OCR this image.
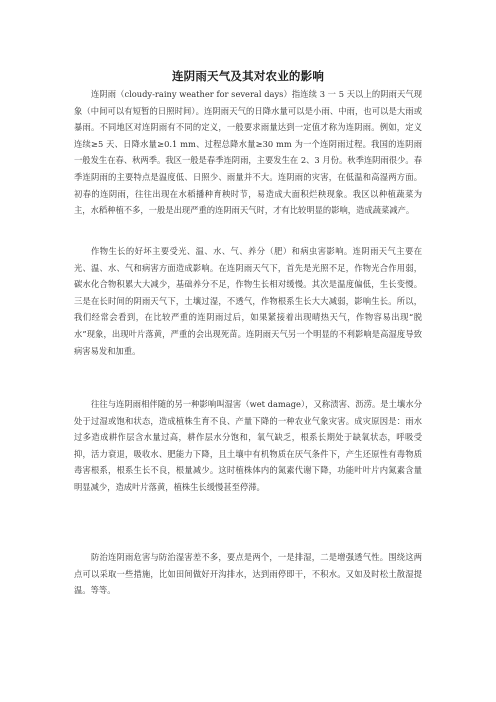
连阴雨天气及其对农业的影响

连阴雨（cloudy-rainy weather for several days）指连续 3 一 5 天以上的阴雨天气现象（中间可以有短暂的日照时间）。连阴雨天气的日降水量可以是小雨、中雨，也可以是大雨或暴雨。不同地区对连阴雨有不同的定义，一般要求雨量达到一定值才称为连阴雨。例如，定义连续≥5 天、日降水量≥0.1 mm、过程总降水量≥30 mm 为一个连阴雨过程。我国的连阴雨一般发生在春、秋两季。我区一般是春季连阴雨，主要发生在 2、3 月份。秋季连阴雨很少。春季连阴雨的主要特点是温度低、日照少、雨量并不大。连阴雨的灾害，在低温和高湿两方面。初春的连阴雨，往往出现在水稻播种育秧时节，易造成大面积烂秧现象。我区以种植蔬菜为主，水稻种植不多，一般是出现严重的连阴雨天气时，才有比较明显的影响，造成蔬菜减产。

作物生长的好坏主要受光、温、水、气、养分（肥）和病虫害影响。连阴雨天气主要在光、温、水、气和病害方面造成影响。在连阴雨天气下，首先是光照不足，作物光合作用弱，碳水化合物积累大大减少，基础养分不足，作物生长相对缓慢。其次是温度偏低，生长变慢。三是在长时间的阴雨天气下，土壤过湿，不透气，作物根系生长大大减弱，影响生长。所以，我们经常会看到，在比较严重的连阴雨过后，如果紧接着出现晴热天气，作物容易出现“脱水”现象，出现叶片落黄，严重的会出现死苗。连阴雨天气另一个明显的不利影响是高湿度导致病害易发和加重。

往往与连阴雨相伴随的另一种影响叫湿害（wet damage），又称渍害、沥涝。是土壤水分处于过湿或饱和状态，造成植株生育不良、产量下降的一种农业气象灾害。成灾原因是：雨水过多造成耕作层含水量过高，耕作层水分饱和，氧气缺乏，根系长期处于缺氧状态，呼吸受抑，活力衰退，吸收水、肥能力下降，且土壤中有机物质在厌气条件下，产生还原性有毒物质毒害根系，根系生长不良，根量减少。这时植株体内的氮素代谢下降，功能叶叶片内氮素含量明显减少，造成叶片落黄，植株生长缓慢甚至停滞。

防治连阴雨危害与防治湿害差不多，要点是两个，一是排湿，二是增强透气性。围绕这两点可以采取一些措施，比如田间做好开沟排水，达到雨停即干，不积水。又如及时松土散湿提温。等等。
